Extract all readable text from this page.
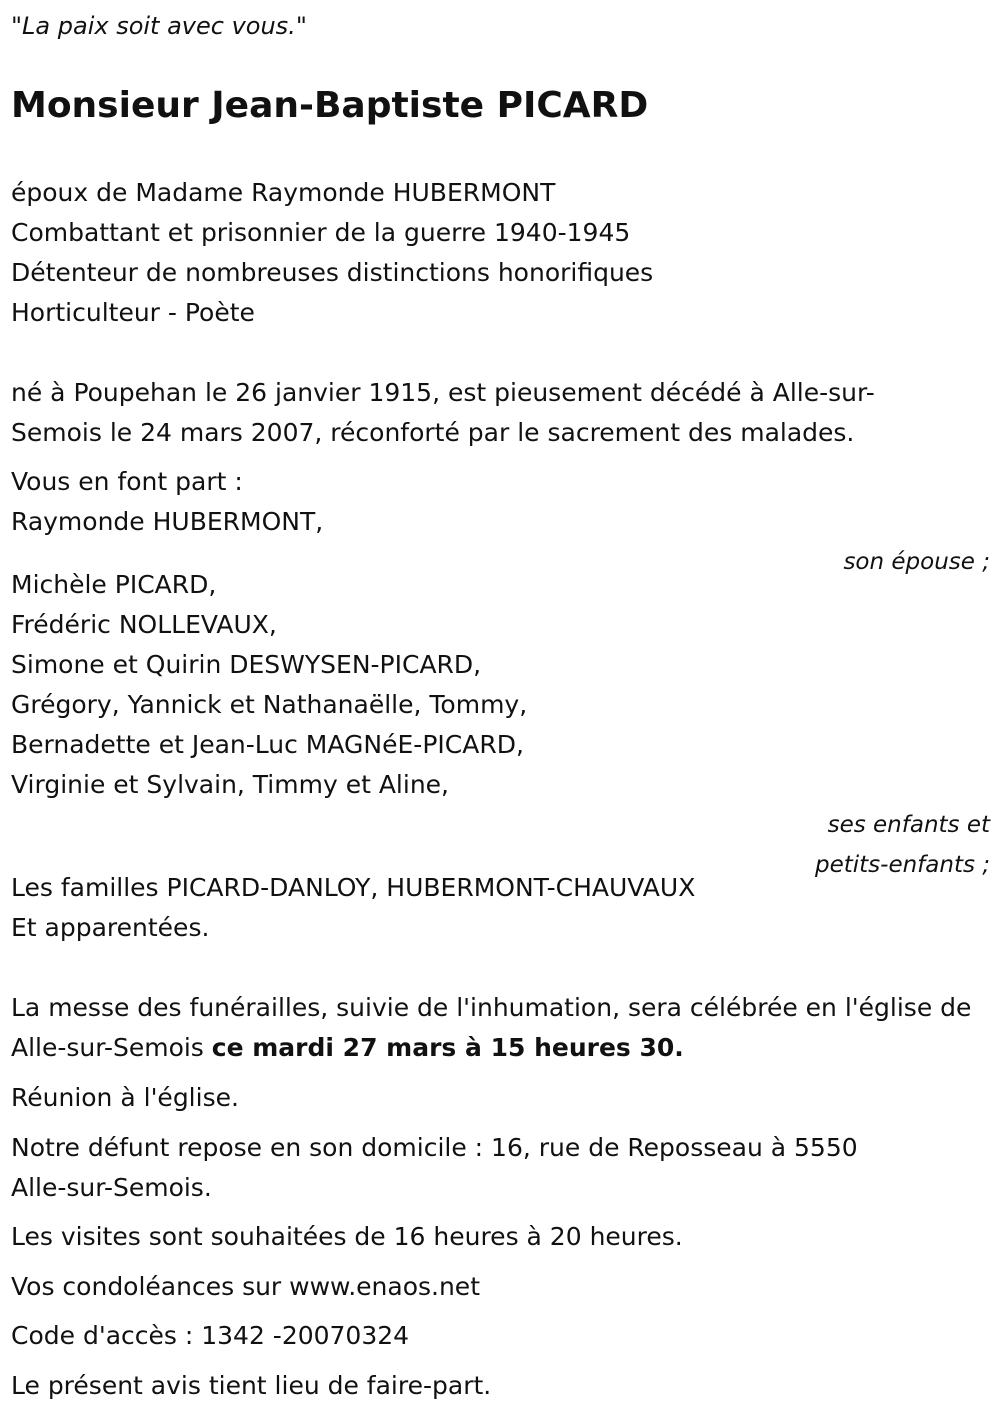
"La paix soit avec vous."
Monsieur Jean-Baptiste PICARD
époux de Madame Raymonde HUBERMONT
Combattant et prisonnier de la guerre 1940-1945
Détenteur de nombreuses distinctions honorifiques
Horticulteur - Poète
né à Poupehan le 26 janvier 1915, est pieusement décédé à Alle-sur-Semois le 24 mars 2007, réconforté par le sacrement des malades.
Vous en font part :
Raymonde HUBERMONT,
son épouse ;
Michèle PICARD,
Frédéric NOLLEVAUX,
Simone et Quirin DESWYSEN-PICARD,
Grégory, Yannick et Nathanaëlle, Tommy,
Bernadette et Jean-Luc MAGNéE-PICARD,
Virginie et Sylvain, Timmy et Aline,
ses enfants et
petits-enfants ;
Les familles PICARD-DANLOY, HUBERMONT-CHAUVAUX
Et apparentées.
La messe des funérailles, suivie de l'inhumation, sera célébrée en l'église de Alle-sur-Semois ce mardi 27 mars à 15 heures 30.
Réunion à l'église.
Notre défunt repose en son domicile : 16, rue de Reposseau à 5550 Alle-sur-Semois.
Les visites sont souhaitées de 16 heures à 20 heures.
Vos condoléances sur www.enaos.net
Code d'accès : 1342 -20070324
Le présent avis tient lieu de faire-part.
